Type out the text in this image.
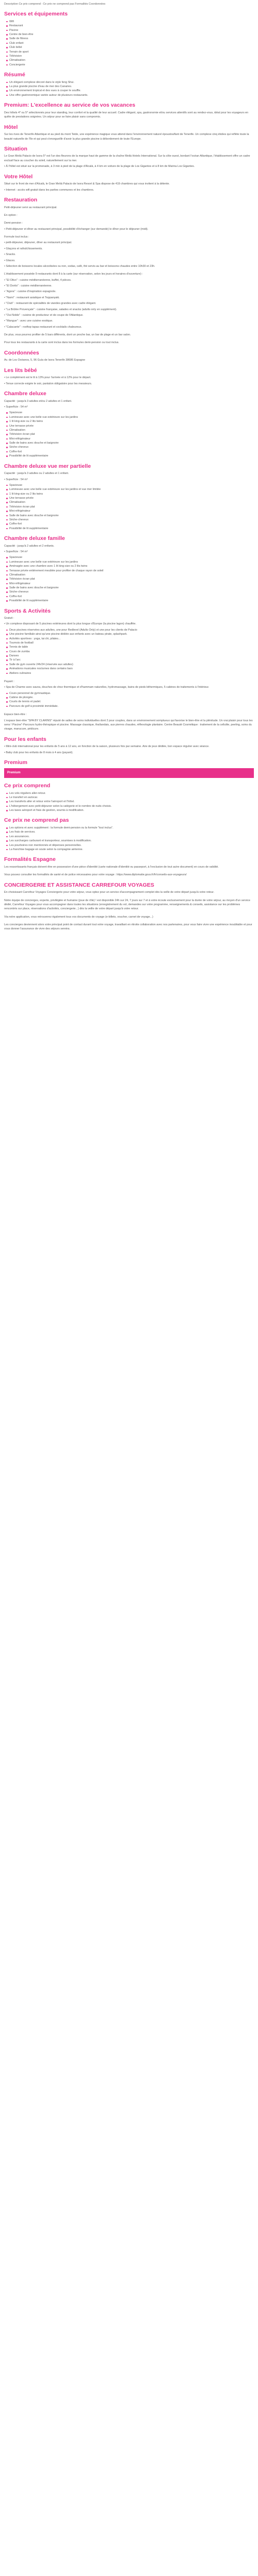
Description Ce prix comprend : Ce prix ne comprend pas Formalités Coordonnées

Services et équipements
Wifi
Restaurant
Piscine
Centre de bien-être
Salle de fitness
Club enfant
Club bébé
Terrain de sport
Télévision
Climatisation
Conciergerie
Résumé
Un élégant complexe décoré dans le style feng Shui.
La plus grande piscine d'eau de mer des Canaries.
Un environnement tropical et des vues à couper le souffle.
Une offre gastronomique variée autour de plusieurs restaurants.
Premium: L'excellence au service de vos vacances

Des hôtels 4* ou 5* sélectionnés pour leur standing, leur confort et la qualité de leur accueil. Cadre élégant, spa, gastronomie et/ou services attentifs sont au rendez-vous, idéal pour les voyageurs en quête de prestations soignées. Un séjour pour se faire plaisir sans compromis.

Hôtel

Sur les rives de Tenerife Atlantique et au pied du mont Teide, une expérience magique vous attend dans l'environnement naturel époustouflant de Tenerife. Un complexe cinq étoiles qui reflète toute la beauté naturelle de l'île et qui peut s'enorgueillir d'avoir la plus grande piscine à débordement de toute l'Europe.

Situation

Le Gran Meliá Palacio de Isora 5* est l'un des fleurons de la marque haut de gamme de la chaîne Meliá Hotels International. Sur la côte ouest, bordant l'océan Atlantique, l'établissement offre un cadre exclusif face au coucher du soleil, naturellement sur la mer.

• À l'hôtel est situé sur la promenade, à 3 min à pied de la plage d'Alcalá, à 4 km en voiture de la plage de Los Gigantes et à 8 km de Marina Los Gigantes.

Votre Hôtel

Situé sur le front de mer d'Alcalá, le Gran Meliá Palacio de Isora Resort & Spa dispose de 419 chambres qui vous invitent à la détente.

• Internet : accès wifi gratuit dans les parties communes et les chambres.

Restauration

Petit-déjeuner servi au restaurant principal.

En option :

Demi-pension :

• Petit-déjeuner et dîner au restaurant principal, possibilité d'échanger (sur demande) le dîner pour le déjeuner (midi).

Formule tout inclus :

• petit-déjeuner, déjeuner, dîner au restaurant principal.

• Glaçons et rafraîchissements.

• Snacks.

• Glaces.

• Sélection de boissons locales alcoolisées ou non, sodas, café, thé servis au bar et boissons chaudes entre 10h30 et 23h.

L'établissement possède 9 restaurants dont 8 à la carte (sur réservation, selon les jours et horaires d'ouverture) :

• "El Olivo" : cuisine méditerranéenne, buffet, 4 pièces.

• "El Dorito" : cuisine méditerranéenne.

• "Agora" : cuisine d'inspiration espagnole.

• "Nami" : restaurant asiatique et Teppanyaki.

• "Club" : restaurant de spécialités de viandes grandes avec cadre élégant.

• "La Brûlée Provençale" : cuisine française, salades et snacks (adults only en supplément).

• "Oui Noble" : cuisine de producteur et de coupe de l'Atlantique.

• "Mangue" : avec une cuisine exotique.

• "Calacante" : rooftop tapas restaurant et cocktails chaleureux.

De plus, vous pourrez profiter de 5 bars différents, dont un proche bar, un bar de plage et un bar salon.

Pour tous les restaurants à la carte sont inclus dans les formules demi-pension ou tout inclus.

Coordonnées

Av. de Los Océanos, 5, 96 Guía de Isora Tenerife 38686 Espagne

Les lits bébé

• Le complément est le lit à 13% pour l'arrivée et à 12% pour le départ.

• Tenue correcte exigée le soir, pantalon obligatoire pour les messieurs.

Chambre deluxe

Capacité : jusqu'à 3 adultes et/ou 2 adultes et 1 enfant.

• Superficie : 54 m²

Spacieuse
Lumineuse avec une belle vue extérieure sur les jardins
1 lit king-size ou 2 lits twins
Une terrasse privée
Climatisation
Télévision écran plat
Mini-réfrigérateur
Salle de bains avec douche et baignoire
Sèche-cheveux
Coffre-fort
Possibilité de lit supplémentaire
Chambre deluxe vue mer partielle

Capacité : jusqu'à 3 adultes ou 2 adultes et 1 enfant.

• Superficie : 54 m²

Spacieuse
Lumineuse avec une belle vue extérieure sur les jardins et vue mer limitée
1 lit king-size ou 2 lits twins
Une terrasse privée
Climatisation
Télévision écran plat
Mini-réfrigérateur
Salle de bains avec douche et baignoire
Sèche-cheveux
Coffre-fort
Possibilité de lit supplémentaire
Chambre deluxe famille

Capacité : jusqu'à 2 adultes et 2 enfants.

• Superficie : 54 m²

Spacieuse
Lumineuse avec une belle vue extérieure sur les jardins
Aménagée avec une chambre avec 1 lit king-size ou 2 lits twins
Terrasse privée entièrement meublée pour profiter de chaque rayon de soleil
Climatisation
Télévision écran plat
Mini-réfrigérateur
Salle de bains avec douche et baignoire
Sèche-cheveux
Coffre-fort
Possibilité de lit supplémentaire
Sports & Activités

Gratuit :

• Un complexe disposant de 5 piscines extérieures dont la plus longue d'Europe (la piscine lagon) chauffée.

Deux piscines réservées aux adultes, une pour Redlevel (Adults Only) et une pour les clients de Palacio
Une piscine familiale ainsi qu'une piscine dédiée aux enfants avec un bateau pirate, splashpark.
Activités sportives : yoga, tai chi, pilates...
Tournois de football
Tennis de table
Cours de zumba
Danses
Tir à l'arc
Salle de gym ouverte 24h/24 (réservée aux adultes)
Animations musicales nocturnes dans certains bars
Ateliers culinaires

Payant :

• Spa de Charme avec sauna, douches de chez thermique et d'hammam naturelles, hydromassage, bains de pieds bithermiques, 5 cabines de traitements à l'intérieur.

Cours personnel de gymnastique.
Cabine de plongée.
Courts de tennis et padel.
Parcours de golf à proximité immédiate.

Espace bien-être :

L'espace bien-être "SPA BY CLARINS" réputé de salles de soins individuelles dont 2 pour couples, dans un environnement somptueux qui favorise le bien-être et la plénitude. Un vrai plaisir pour tous les sens ! Piscine"-Parcours hydro-thérapique et piscine. Massage classique, thaïlandais, aux pierres chaudes, réflexologie plantaire. Centre Beauté Cosmétique : traitement de la cellulite, peeling, soins du visage, manucure, pédicure.

Pour les enfants

• Mini-club international pour les enfants de 5 ans à 12 ans, en fonction de la saison, plusieurs fois par semaine. Aire de jeux dédiée, bon espace régulier avec séance.

• Baby club pour les enfants de 8 mois à 4 ans (payant).

Premium
Premium
Ce prix comprend
Les vols réguliers aller-retour.
Le transfert en autocar.
Les transferts aller et retour entre l'aéroport et l'hôtel.
L'hébergement avec petit-déjeuner selon la catégorie et le nombre de nuits choisis.
Les taxes aéroport et frais de gestion, soumis à modification.
Ce prix ne comprend pas
Les options et avec supplément : la formule demi-pension ou la formule "tout inclus".
Les frais de services.
Les assurances.
Les surcharges carburant et transporteur, soumises à modification.
Les pourboires non mentionnés et dépenses personnelles.
La franchise bagage en soute selon la compagnie aérienne.
Formalités Espagne

Les ressortissants français doivent être en possession d'une pièce d'identité (carte nationale d'identité ou passeport, à l'exclusion de tout autre document) en cours de validité.

Vous pouvez consulter les formalités de santé et de police nécessaires pour votre voyage : https://www.diplomatie.gouv.fr/fr/conseils-aux-voyageurs/

CONCIERGERIE ET ASSISTANCE CARREFOUR VOYAGES

En choisissant Carrefour Voyages Conciergerie pour votre séjour, vous optez pour un service d'accompagnement complet dès la veille de votre départ jusqu'à votre retour.

Notre équipe de concierges, experte, privilégiée et humaine (joue de rôle) ! est disponible 24h sur 24, 7 jours sur 7 et à votre écoute exclusivement pour la durée de votre séjour, au moyen d'un service dédié, Carrefour Voyages pour vous accompagner dans toutes les situations (enregistrement du vol, demandes sur votre programme, renseignements & conseils, assistance sur les problèmes rencontrés sur place, réservations d'activités, conciergerie...) dès la veille de votre départ jusqu'à votre retour.

Via notre application, vous retrouverez également tous vos documents de voyage (e-billets, voucher, carnet de voyage...)

Les concierges deviennent alors votre principal point de contact durant tout votre voyage, travaillant en étroite collaboration avec nos partenaires, pour vous faire vivre une expérience inoubliable et pour vous donner l'assurance de vivre des séjours sereins.
